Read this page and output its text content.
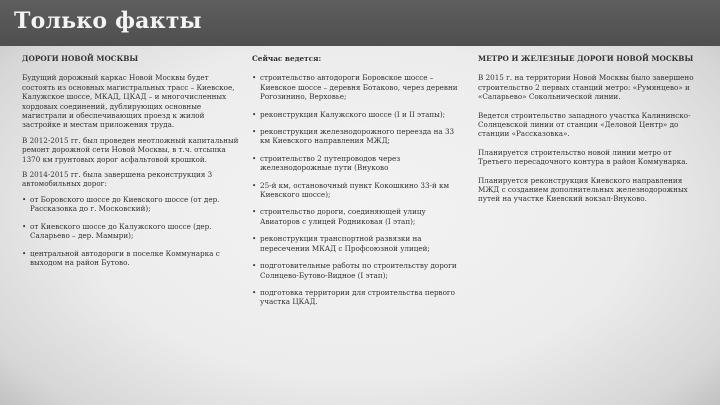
Только факты
ДОРОГИ НОВОЙ МОСКВЫ
Будущий дорожный каркас Новой Москвы будет состоять из основных магистральных трасс – Киевское, Калужское шоссе, МКАД, ЦКАД – и многочисленных хордовых соединений, дублирующих основные магистрали и обеспечивающих проезд к жилой застройке и местам приложения труда.
В 2012-2015 гг. был проведен неотложный капитальный ремонт дорожной сети Новой Москвы, в т.ч. отсыпка 1370 км грунтовых дорог асфальтовой крошкой.
В 2014-2015 гг. была завершена реконструкция 3 автомобильных дорог:
• от Боровского шоссе до Киевского шоссе (от дер. Рассказовка до г. Московский);
• от Киевского шоссе до Калужского шоссе (дер. Саларьево – дер. Мамыри);
• центральной автодороги в поселке Коммунарка с выходом на район Бутово.
Сейчас ведется:
• строительство автодороги Боровское шоссе – Киевское шоссе – деревня Ботаково, через деревни Рогозинино, Верховье;
• реконструкция Калужского шоссе (I и II этапы);
• реконструкция железнодорожного переезда на 33 км Киевского направления МЖД;
• строительство 2 путепроводов через железнодорожные пути (Внуково
• 25-й км, остановочный пункт Кокошкино 33-й км Киевского шоссе);
• строительство дороги, соединяющей улицу Авиаторов с улицей Родниковая (I этап);
• реконструкция транспортной развязки на пересечении МКАД с Профсоюзной улицей;
• подготовительные работы по строительству дороги Солнцево-Бутово-Видное (I этап);
• подготовка территории для строительства первого участка ЦКАД.
МЕТРО И ЖЕЛЕЗНЫЕ ДОРОГИ НОВОЙ МОСКВЫ
В 2015 г. на территории Новой Москвы было завершено строительство 2 первых станций метро: «Румянцево» и «Саларьево» Сокольнической линии.
Ведется строительство западного участка Калининско-Солнцевской линии от станции «Деловой Центр» до станции «Рассказовка».
Планируется строительство новой линии метро от Третьего пересадочного контура в район Коммунарка.
Планируется реконструкция Киевского направления МЖД с созданием дополнительных железнодорожных путей на участке Киевский вокзал-Внуково.
